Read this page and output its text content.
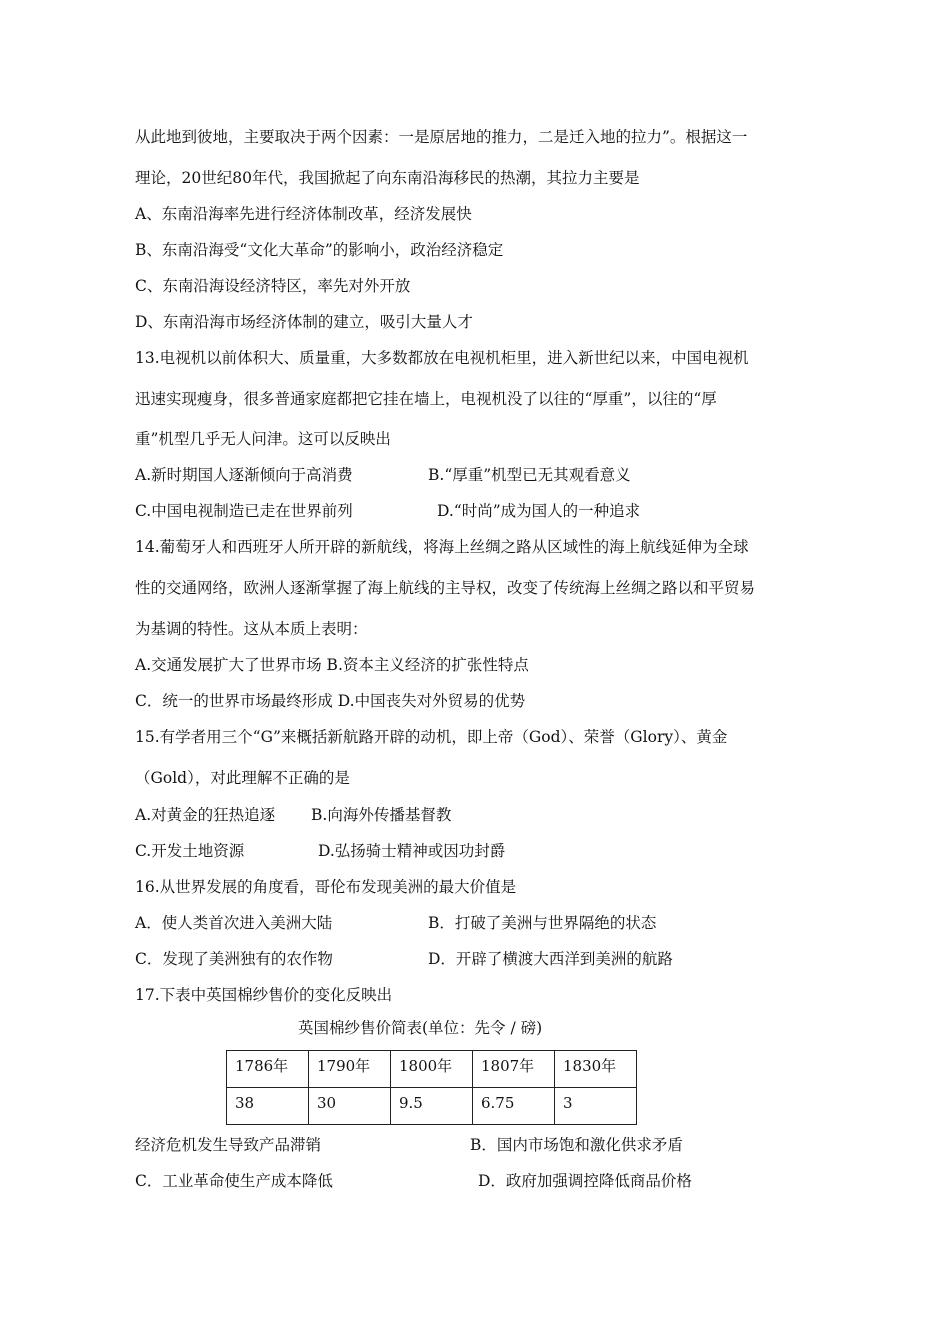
从此地到彼地，主要取决于两个因素：一是原居地的推力，二是迁入地的拉力”。根据这一
理论，20世纪80年代，我国掀起了向东南沿海移民的热潮，其拉力主要是
A、东南沿海率先进行经济体制改革，经济发展快
B、东南沿海受“文化大革命”的影响小，政治经济稳定
C、东南沿海设经济特区，率先对外开放
D、东南沿海市场经济体制的建立，吸引大量人才
13.电视机以前体积大、质量重，大多数都放在电视机柜里，进入新世纪以来，中国电视机
迅速实现瘦身，很多普通家庭都把它挂在墙上，电视机没了以往的“厚重”，以往的“厚
重”机型几乎无人问津。这可以反映出
A.新时期国人逐渐倾向于高消费	B.“厚重”机型已无其观看意义
C.中国电视制造已走在世界前列	D.“时尚”成为国人的一种追求
14.葡萄牙人和西班牙人所开辟的新航线，将海上丝绸之路从区域性的海上航线延伸为全球
性的交通网络，欧洲人逐渐掌握了海上航线的主导权，改变了传统海上丝绸之路以和平贸易
为基调的特性。这从本质上表明：
A.交通发展扩大了世界市场 B.资本主义经济的扩张性特点
C．统一的世界市场最终形成 D.中国丧失对外贸易的优势
15.有学者用三个“G”来概括新航路开辟的动机，即上帝（God）、荣誉（Glory）、黄金
（Gold），对此理解不正确的是
A.对黄金的狂热追逐 B.向海外传播基督教
C.开发土地资源	D.弘扬骑士精神或因功封爵
16.从世界发展的角度看，哥伦布发现美洲的最大价值是
A．使人类首次进入美洲大陆	B．打破了美洲与世界隔绝的状态
C．发现了美洲独有的农作物	D．开辟了横渡大西洋到美洲的航路
17.下表中英国棉纱售价的变化反映出
英国棉纱售价简表(单位：先令 / 磅)
1786年	1790年	1800年	1807年	1830年
38	30	9.5	6.75	3
经济危机发生导致产品滞销	B．国内市场饱和激化供求矛盾
C．工业革命使生产成本降低	D．政府加强调控降低商品价格
